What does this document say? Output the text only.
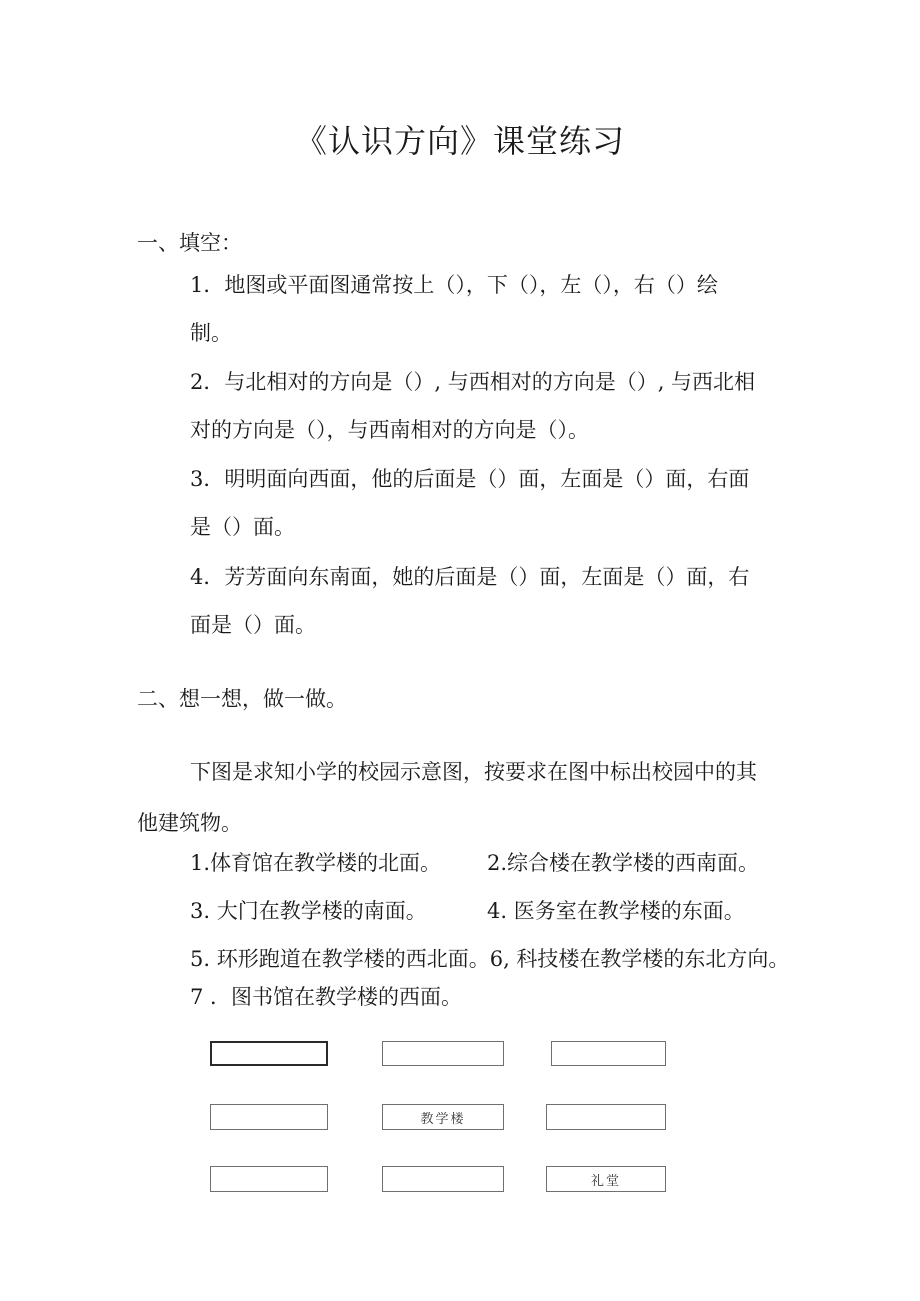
《认识方向》课堂练习
一、填空：
1．地图或平面图通常按上（），下（），左（），右（）绘
制。
2．与北相对的方向是（）, 与西相对的方向是（）, 与西北相
对的方向是（），与西南相对的方向是（）。
3．明明面向西面，他的后面是（）面，左面是（）面，右面
是（）面。
4．芳芳面向东南面，她的后面是（）面，左面是（）面，右
面是（）面。
二、想一想，做一做。
下图是求知小学的校园示意图，按要求在图中标出校园中的其
他建筑物。
1.体育馆在教学楼的北面。 2.综合楼在教学楼的西南面。
3. 大门在教学楼的南面。	4. 医务室在教学楼的东面。
5. 环形跑道在教学楼的西北面。6, 科技楼在教学楼的东北方向。
7 ．图书馆在教学楼的西面。
教学楼
礼堂
